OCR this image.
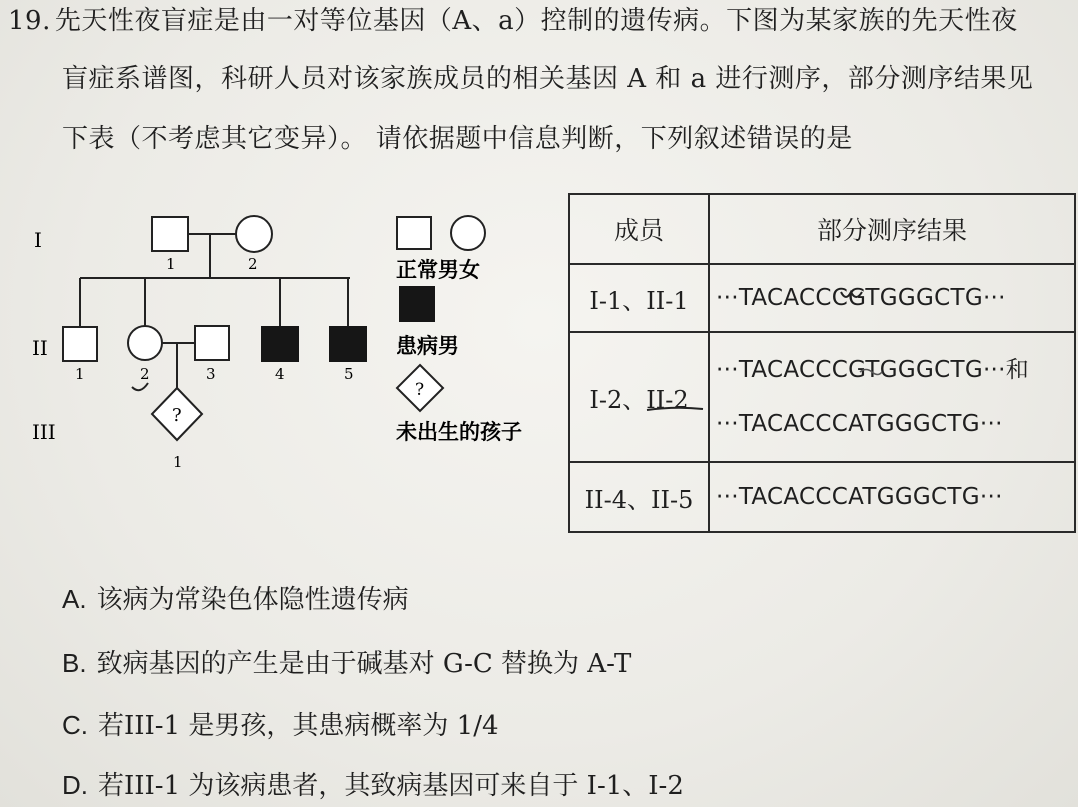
19. 先天性夜盲症是由一对等位基因（A、a）控制的遗传病。下图为某家族的先天性夜
盲症系谱图，科研人员对该家族成员的相关基因 A 和 a 进行测序，部分测序结果见
下表（不考虑其它变异）。 请依据题中信息判断，下列叙述错误的是
I
II
III
1	2
1	2	3	4	5
?
1
正常男女
患病男
?
未出生的孩子
成员	部分测序结果
I-1、II-1	···TACACCCGTGGGCTG···

I-2、II-2	···TACACCCGTGGGCTG···和
···TACACCCATGGGCTG···

II-4、II-5	···TACACCCATGGGCTG···
A. 该病为常染色体隐性遗传病
B. 致病基因的产生是由于碱基对 G-C 替换为 A-T
C. 若III-1 是男孩，其患病概率为 1/4
D. 若III-1 为该病患者，其致病基因可来自于 I-1、I-2
